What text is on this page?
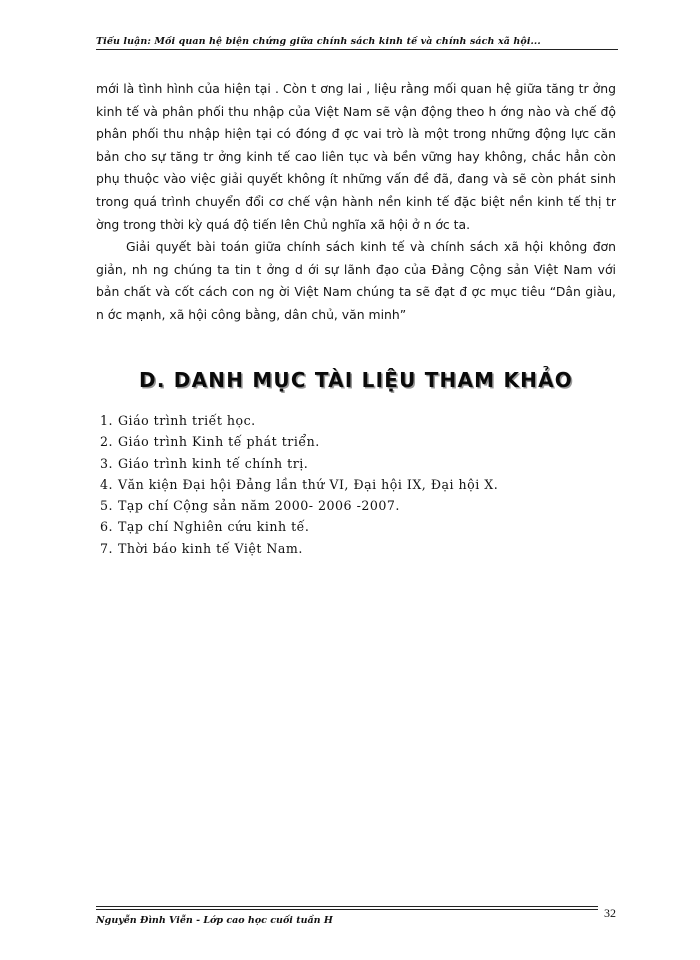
Tiểu luận: Mối quan hệ biện chứng giữa chính sách kinh tế và chính sách xã hội...

mới là tình hình của hiện tại . Còn t ơng lai , liệu rằng mối quan hệ giữa tăng tr ởng kinh tế và phân phối thu nhập của Việt Nam sẽ vận động theo h ớng nào và chế độ phân phối thu nhập hiện tại có đóng đ ợc vai trò là một trong những động lực căn bản cho sự tăng tr ởng kinh tế cao liên tục và bền vững hay không, chắc hẳn còn phụ thuộc vào việc giải quyết không ít những vấn đề đã, đang và sẽ còn phát sinh trong quá trình chuyển đổi cơ chế vận hành nền kinh tế đặc biệt nền kinh tế thị tr ờng trong thời kỳ quá độ tiến lên Chủ nghĩa xã hội ở n ớc ta.

Giải quyết bài toán giữa chính sách kinh tế và chính sách xã hội không đơn giản, nh ng chúng ta tin t ởng d ới sự lãnh đạo của Đảng Cộng sản Việt Nam với bản chất và cốt cách con ng ời Việt Nam chúng ta sẽ đạt đ ợc mục tiêu “Dân giàu, n ớc mạnh, xã hội công bằng, dân chủ, văn minh”

D. DANH MỤC TÀI LIỆU THAM KHẢO
1. Giáo trình triết học.
2. Giáo trình Kinh tế phát triển.
3. Giáo trình kinh tế chính trị.
4. Văn kiện Đại hội Đảng lần thứ VI, Đại hội IX, Đại hội X.
5. Tạp chí Cộng sản năm 2000- 2006 -2007.
6. Tạp chí Nghiên cứu kinh tế.
7. Thời báo kinh tế Việt Nam.
Nguyễn Đình Viễn - Lớp cao học cuối tuần H
32
